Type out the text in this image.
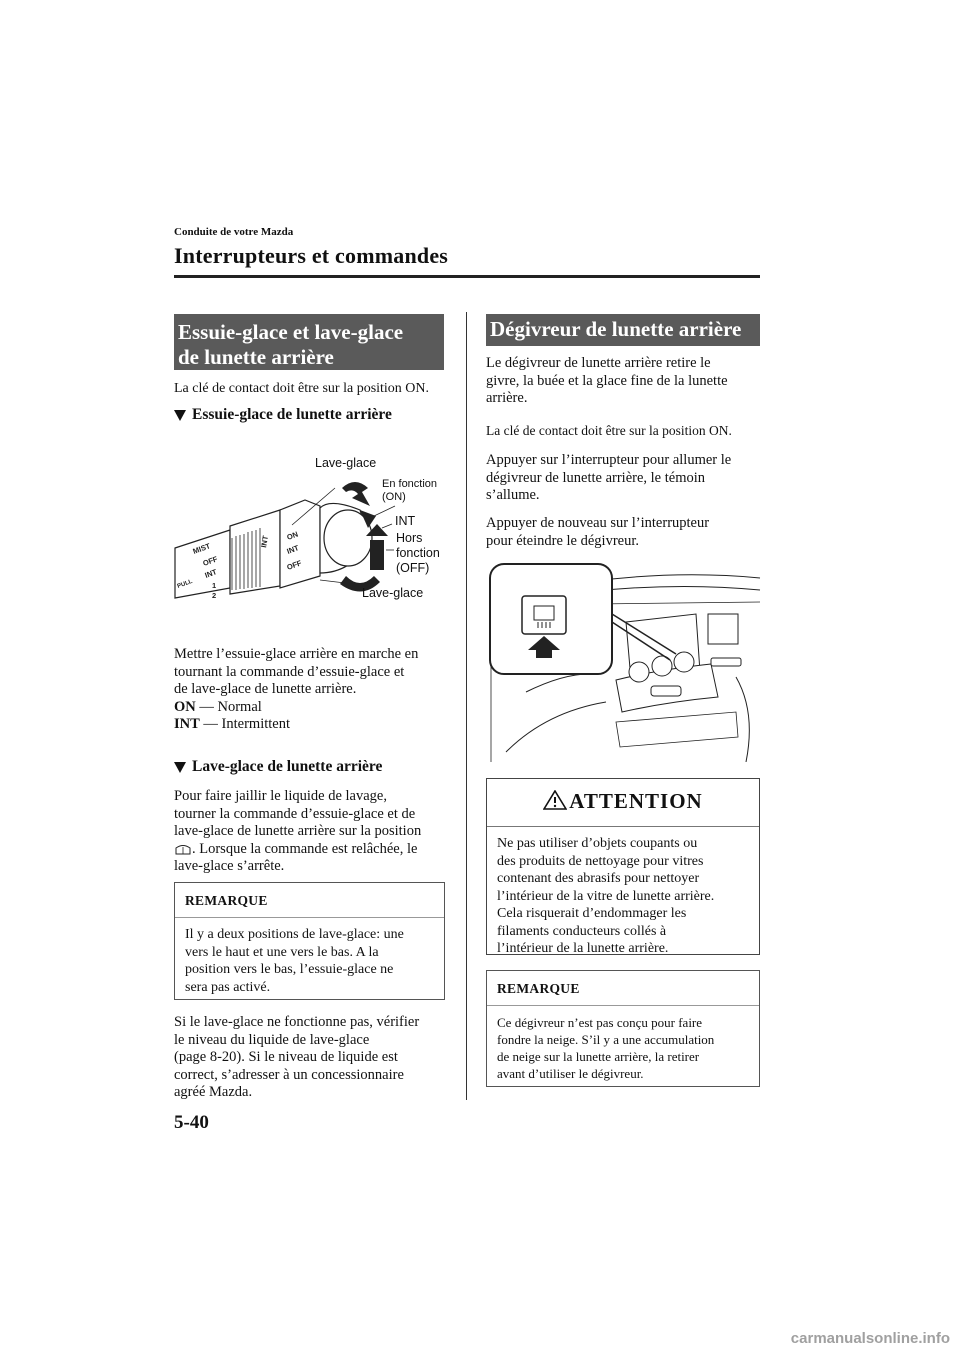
Conduite de votre Mazda
Interrupteurs et commandes
Essuie-glace et lave-glace
de lunette arrière
La clé de contact doit être sur la position ON.
Essuie-glace de lunette arrière
MIST
OFF
INT
1
2
PULL
INT ON
INT
OFF
Lave-glace
En fonction
(ON)
INT
Hors
fonction
(OFF)
Lave-glace
Mettre l’essuie-glace arrière en marche en
tournant la commande d’essuie-glace et
de lave-glace de lunette arrière.
ON — Normal
INT — Intermittent
Lave-glace de lunette arrière
Pour faire jaillir le liquide de lavage,
tourner la commande d’essuie-glace et de
lave-glace de lunette arrière sur la position
. Lorsque la commande est relâchée, le
lave-glace s’arrête.
REMARQUE
Il y a deux positions de lave-glace: une
vers le haut et une vers le bas. A la
position vers le bas, l’essuie-glace ne
sera pas activé.
Si le lave-glace ne fonctionne pas, vérifier
le niveau du liquide de lave-glace
(page 8-20). Si le niveau de liquide est
correct, s’adresser à un concessionnaire
agréé Mazda.
Dégivreur de lunette arrière
Le dégivreur de lunette arrière retire le
givre, la buée et la glace fine de la lunette
arrière.
La clé de contact doit être sur la position ON.
Appuyer sur l’interrupteur pour allumer le
dégivreur de lunette arrière, le témoin
s’allume.
Appuyer de nouveau sur l’interrupteur
pour éteindre le dégivreur.
ATTENTION
Ne pas utiliser d’objets coupants ou
des produits de nettoyage pour vitres
contenant des abrasifs pour nettoyer
l’intérieur de la vitre de lunette arrière.
Cela risquerait d’endommager les
filaments conducteurs collés à
l’intérieur de la lunette arrière.
REMARQUE
Ce dégivreur n’est pas conçu pour faire
fondre la neige. S’il y a une accumulation
de neige sur la lunette arrière, la retirer
avant d’utiliser le dégivreur.
5-40
carmanualsonline.info
